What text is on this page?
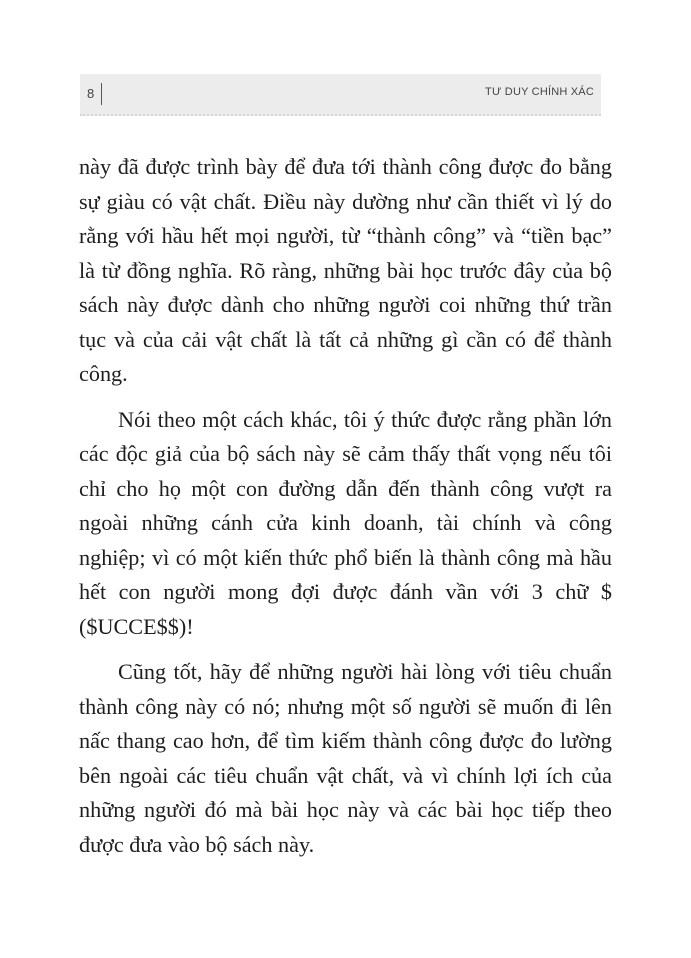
8	TƯ DUY CHÍNH XÁC

này đã được trình bày để đưa tới thành công được đo bằng sự giàu có vật chất. Điều này dường như cần thiết vì lý do rằng với hầu hết mọi người, từ “thành công” và “tiền bạc” là từ đồng nghĩa. Rõ ràng, những bài học trước đây của bộ sách này được dành cho những người coi những thứ trần tục và của cải vật chất là tất cả những gì cần có để thành công.

Nói theo một cách khác, tôi ý thức được rằng phần lớn các độc giả của bộ sách này sẽ cảm thấy thất vọng nếu tôi chỉ cho họ một con đường dẫn đến thành công vượt ra ngoài những cánh cửa kinh doanh, tài chính và công nghiệp; vì có một kiến thức phổ biến là thành công mà hầu hết con người mong đợi được đánh vần với 3 chữ $ ($UCCE$$)!

Cũng tốt, hãy để những người hài lòng với tiêu chuẩn thành công này có nó; nhưng một số người sẽ muốn đi lên nấc thang cao hơn, để tìm kiếm thành công được đo lường bên ngoài các tiêu chuẩn vật chất, và vì chính lợi ích của những người đó mà bài học này và các bài học tiếp theo được đưa vào bộ sách này.
